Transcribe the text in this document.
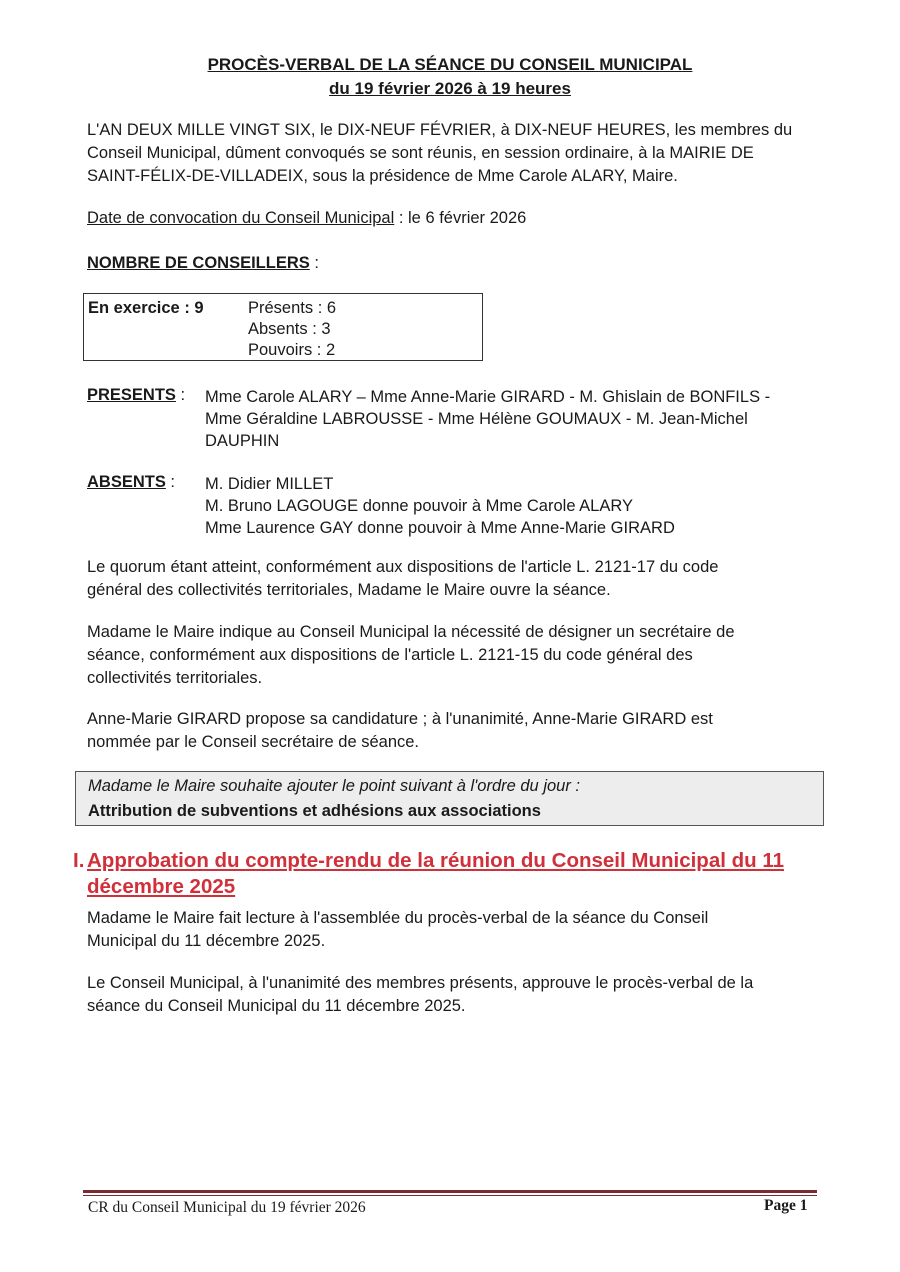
PROCÈS-VERBAL DE LA SÉANCE DU CONSEIL MUNICIPAL
du 19 février 2026 à 19 heures
L'AN DEUX MILLE VINGT SIX, le DIX-NEUF FÉVRIER, à DIX-NEUF HEURES, les membres du
Conseil Municipal, dûment convoqués se sont réunis, en session ordinaire, à la MAIRIE DE
SAINT-FÉLIX-DE-VILLADEIX, sous la présidence de Mme Carole ALARY, Maire.
Date de convocation du Conseil Municipal : le 6 février 2026
NOMBRE DE CONSEILLERS :
En exercice : 9	Présents : 6
Absents : 3
Pouvoirs : 2
PRESENTS : Mme Carole ALARY – Mme Anne-Marie GIRARD - M. Ghislain de BONFILS -
Mme Géraldine LABROUSSE - Mme Hélène GOUMAUX - M. Jean-Michel
DAUPHIN
ABSENTS : M. Didier MILLET
M. Bruno LAGOUGE donne pouvoir à Mme Carole ALARY
Mme Laurence GAY donne pouvoir à Mme Anne-Marie GIRARD
Le quorum étant atteint, conformément aux dispositions de l'article L. 2121-17 du code
général des collectivités territoriales, Madame le Maire ouvre la séance.
Madame le Maire indique au Conseil Municipal la nécessité de désigner un secrétaire de
séance, conformément aux dispositions de l'article L. 2121-15 du code général des
collectivités territoriales.
Anne-Marie GIRARD propose sa candidature ; à l'unanimité, Anne-Marie GIRARD est
nommée par le Conseil secrétaire de séance.
Madame le Maire souhaite ajouter le point suivant à l'ordre du jour :
Attribution de subventions et adhésions aux associations
I. Approbation du compte-rendu de la réunion du Conseil Municipal du 11
décembre 2025
Madame le Maire fait lecture à l'assemblée du procès-verbal de la séance du Conseil
Municipal du 11 décembre 2025.
Le Conseil Municipal, à l'unanimité des membres présents, approuve le procès-verbal de la
séance du Conseil Municipal du 11 décembre 2025.
CR du Conseil Municipal du 19 février 2026	Page 1
